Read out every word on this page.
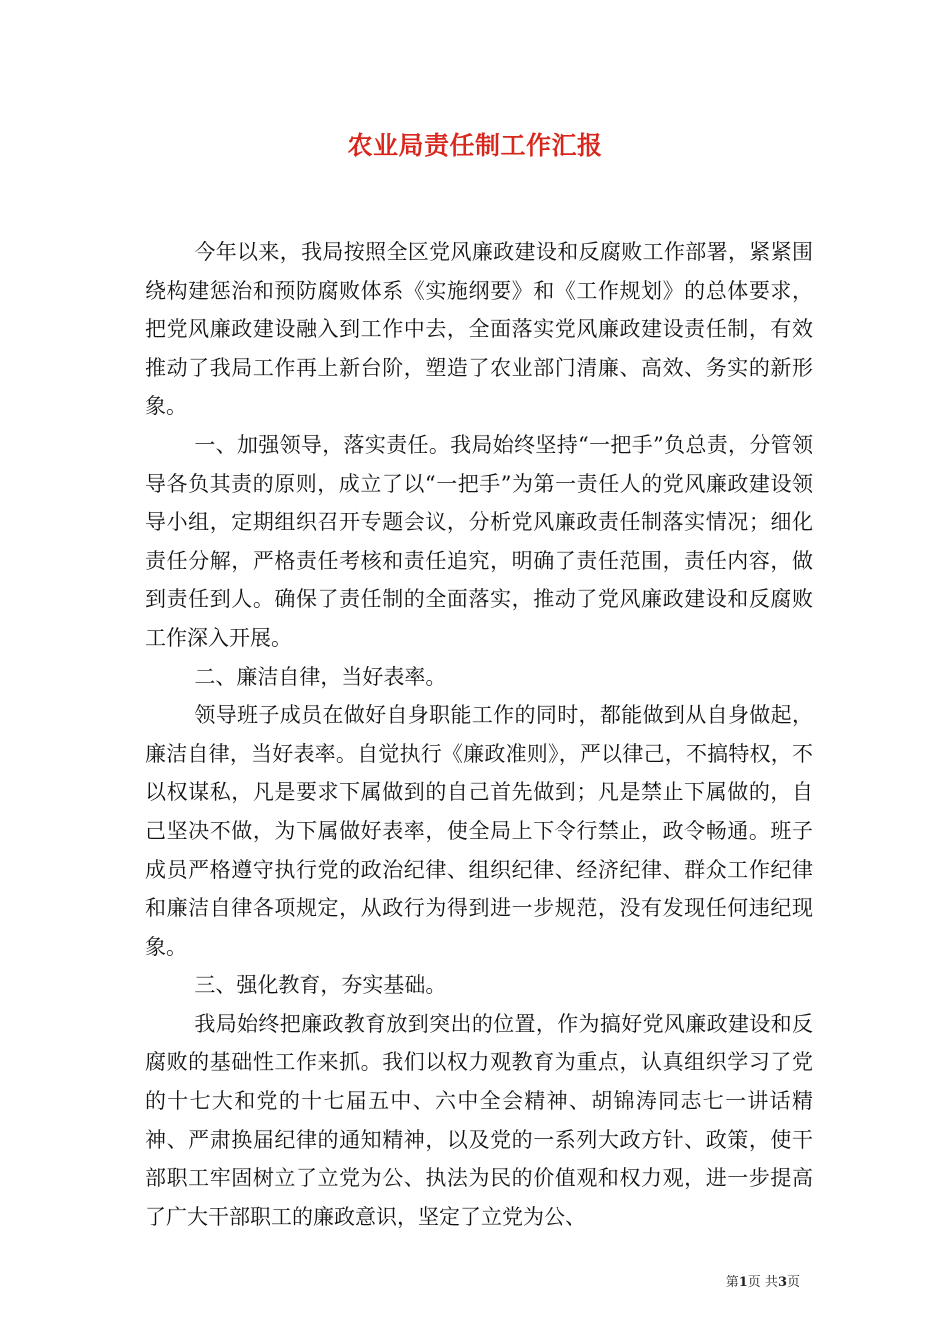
农业局责任制工作汇报

今年以来，我局按照全区党风廉政建设和反腐败工作部署，紧紧围绕构建惩治和预防腐败体系《实施纲要》和《工作规划》的总体要求，把党风廉政建设融入到工作中去，全面落实党风廉政建设责任制，有效推动了我局工作再上新台阶，塑造了农业部门清廉、高效、务实的新形象。

一、加强领导，落实责任。我局始终坚持“一把手”负总责，分管领导各负其责的原则，成立了以“一把手”为第一责任人的党风廉政建设领导小组，定期组织召开专题会议，分析党风廉政责任制落实情况；细化责任分解，严格责任考核和责任追究，明确了责任范围，责任内容，做到责任到人。确保了责任制的全面落实，推动了党风廉政建设和反腐败工作深入开展。

二、廉洁自律，当好表率。

领导班子成员在做好自身职能工作的同时，都能做到从自身做起，廉洁自律，当好表率。自觉执行《廉政准则》，严以律己，不搞特权，不以权谋私，凡是要求下属做到的自己首先做到；凡是禁止下属做的，自己坚决不做，为下属做好表率，使全局上下令行禁止，政令畅通。班子成员严格遵守执行党的政治纪律、组织纪律、经济纪律、群众工作纪律和廉洁自律各项规定，从政行为得到进一步规范，没有发现任何违纪现象。

三、强化教育，夯实基础。

我局始终把廉政教育放到突出的位置，作为搞好党风廉政建设和反腐败的基础性工作来抓。我们以权力观教育为重点，认真组织学习了党的十七大和党的十七届五中、六中全会精神、胡锦涛同志七一讲话精神、严肃换届纪律的通知精神，以及党的一系列大政方针、政策，使干部职工牢固树立了立党为公、执法为民的价值观和权力观，进一步提高了广大干部职工的廉政意识，坚定了立党为公、

第1页 共3页
